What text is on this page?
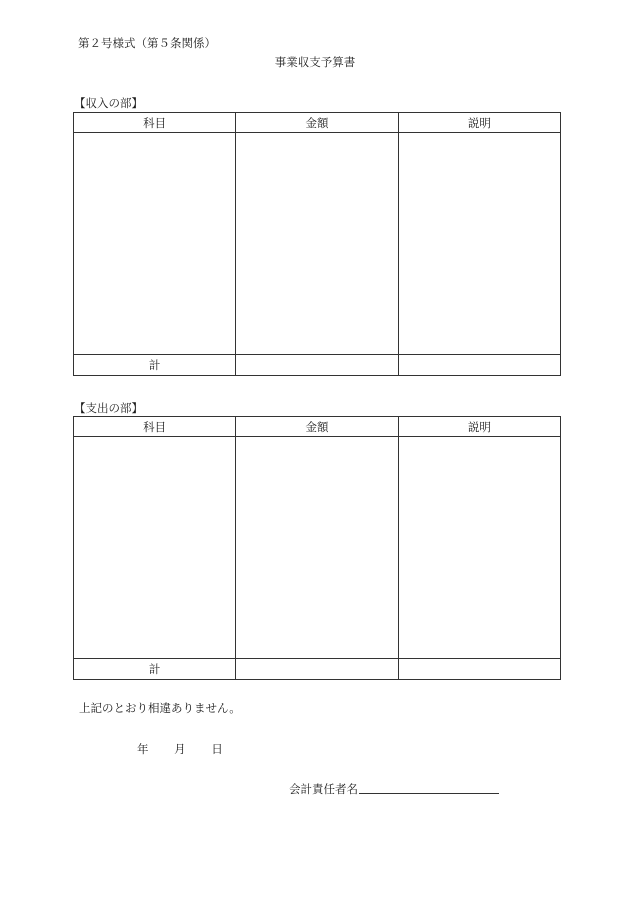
第２号様式（第５条関係）
事業収支予算書
【収入の部】
科目	金額	説明

計		
【支出の部】
科目	金額	説明

計		
上記のとおり相違ありません。
年 月 日
会計責任者名
